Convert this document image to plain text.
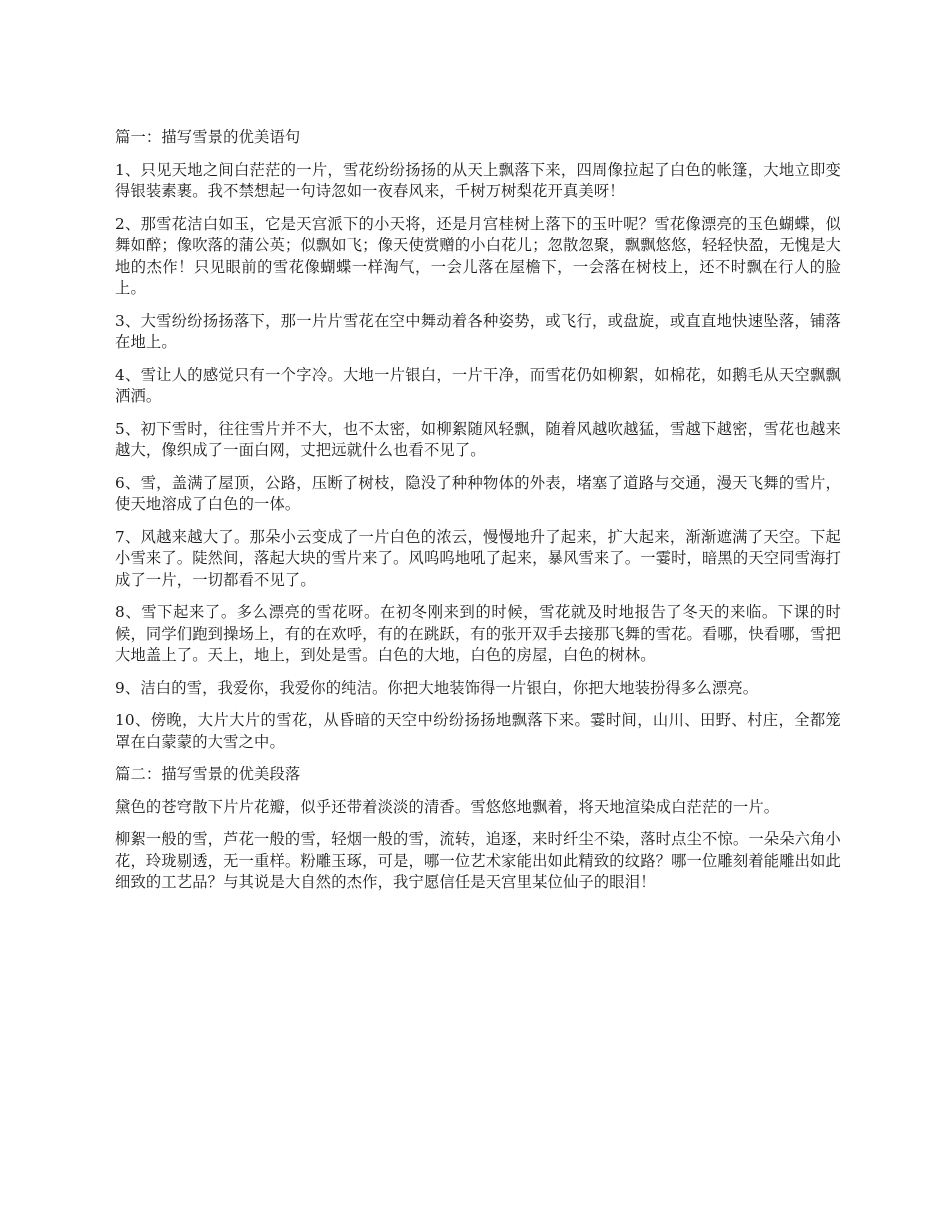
篇一：描写雪景的优美语句

1、只见天地之间白茫茫的一片，雪花纷纷扬扬的从天上飘落下来，四周像拉起了白色的帐篷，大地立即变得银装素裹。我不禁想起一句诗忽如一夜春风来，千树万树梨花开真美呀！

2、那雪花洁白如玉，它是天宫派下的小天将，还是月宫桂树上落下的玉叶呢？雪花像漂亮的玉色蝴蝶，似舞如醉；像吹落的蒲公英；似飘如飞；像天使赏赠的小白花儿；忽散忽聚，飘飘悠悠，轻轻快盈，无愧是大地的杰作！只见眼前的雪花像蝴蝶一样淘气，一会儿落在屋檐下，一会落在树枝上，还不时飘在行人的脸上。

3、大雪纷纷扬扬落下，那一片片雪花在空中舞动着各种姿势，或飞行，或盘旋，或直直地快速坠落，铺落在地上。

4、雪让人的感觉只有一个字冷。大地一片银白，一片干净，而雪花仍如柳絮，如棉花，如鹅毛从天空飘飘洒洒。

5、初下雪时，往往雪片并不大，也不太密，如柳絮随风轻飘，随着风越吹越猛，雪越下越密，雪花也越来越大，像织成了一面白网，丈把远就什么也看不见了。

6、雪，盖满了屋顶，公路，压断了树枝，隐没了种种物体的外表，堵塞了道路与交通，漫天飞舞的雪片，使天地溶成了白色的一体。

7、风越来越大了。那朵小云变成了一片白色的浓云，慢慢地升了起来，扩大起来，渐渐遮满了天空。下起小雪来了。陡然间，落起大块的雪片来了。风呜呜地吼了起来，暴风雪来了。一霎时，暗黑的天空同雪海打成了一片，一切都看不见了。

8、雪下起来了。多么漂亮的雪花呀。在初冬刚来到的时候，雪花就及时地报告了冬天的来临。下课的时候，同学们跑到操场上，有的在欢呼，有的在跳跃，有的张开双手去接那飞舞的雪花。看哪，快看哪，雪把大地盖上了。天上，地上，到处是雪。白色的大地，白色的房屋，白色的树林。

9、洁白的雪，我爱你，我爱你的纯洁。你把大地装饰得一片银白，你把大地装扮得多么漂亮。

10、傍晚，大片大片的雪花，从昏暗的天空中纷纷扬扬地飘落下来。霎时间，山川、田野、村庄，全都笼罩在白蒙蒙的大雪之中。

篇二：描写雪景的优美段落

黛色的苍穹散下片片花瓣，似乎还带着淡淡的清香。雪悠悠地飘着，将天地渲染成白茫茫的一片。

柳絮一般的雪，芦花一般的雪，轻烟一般的雪，流转，追逐，来时纤尘不染，落时点尘不惊。一朵朵六角小花，玲珑剔透，无一重样。粉雕玉琢，可是，哪一位艺术家能出如此精致的纹路？哪一位雕刻着能雕出如此细致的工艺品？与其说是大自然的杰作，我宁愿信任是天宫里某位仙子的眼泪！
